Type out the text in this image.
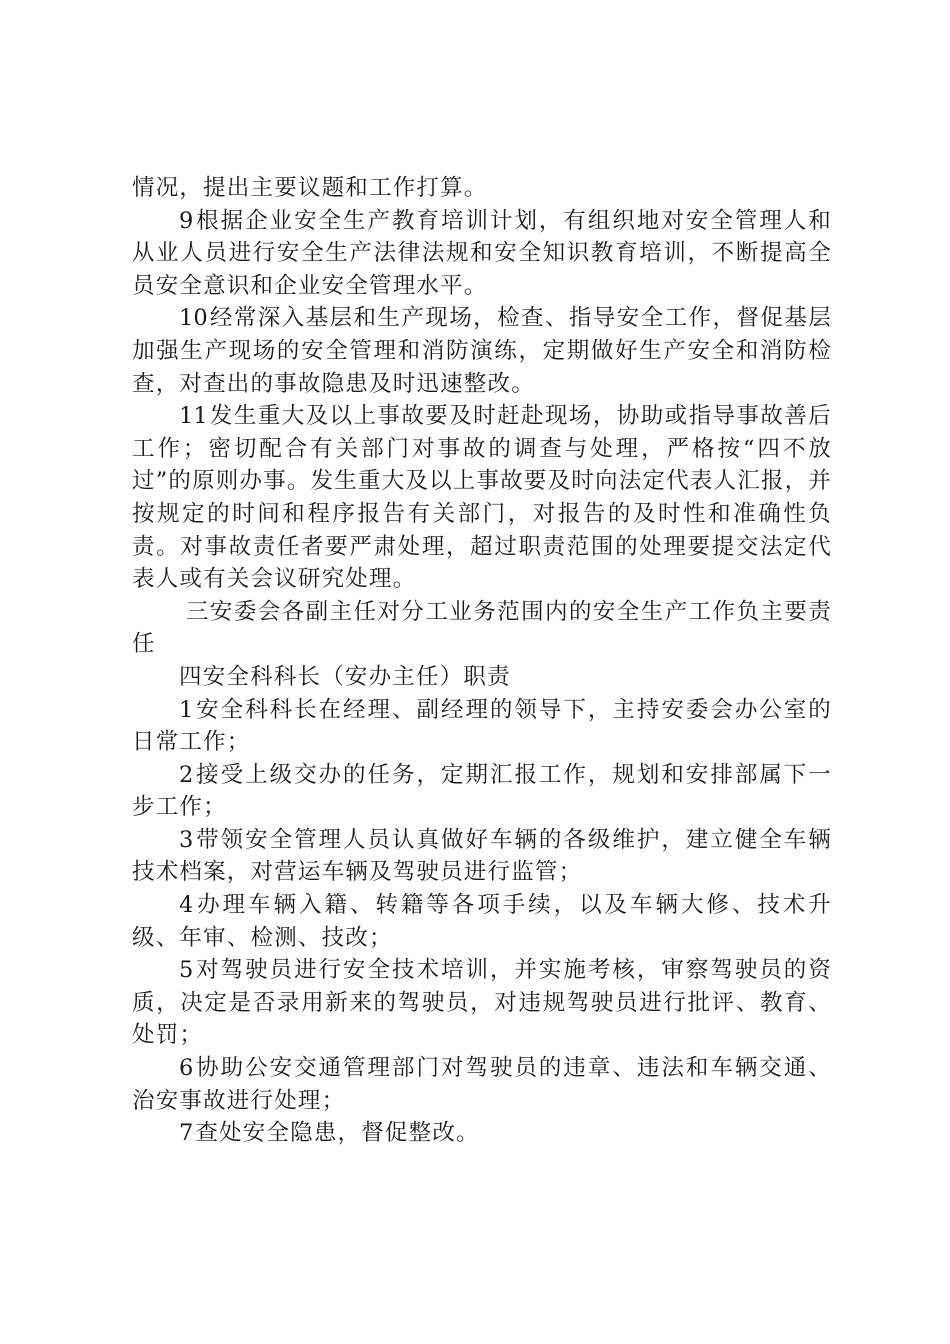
情况，提出主要议题和工作打算。

9根据企业安全生产教育培训计划，有组织地对安全管理人和从业人员进行安全生产法律法规和安全知识教育培训，不断提高全员安全意识和企业安全管理水平。

10经常深入基层和生产现场，检查、指导安全工作，督促基层加强生产现场的安全管理和消防演练，定期做好生产安全和消防检查，对查出的事故隐患及时迅速整改。

11发生重大及以上事故要及时赶赴现场，协助或指导事故善后工作；密切配合有关部门对事故的调查与处理，严格按“四不放过”的原则办事。发生重大及以上事故要及时向法定代表人汇报，并按规定的时间和程序报告有关部门，对报告的及时性和准确性负责。对事故责任者要严肃处理，超过职责范围的处理要提交法定代表人或有关会议研究处理。

三安委会各副主任对分工业务范围内的安全生产工作负主要责任

四安全科科长（安办主任）职责

1安全科科长在经理、副经理的领导下，主持安委会办公室的日常工作；

2接受上级交办的任务，定期汇报工作，规划和安排部属下一步工作；

3带领安全管理人员认真做好车辆的各级维护，建立健全车辆技术档案，对营运车辆及驾驶员进行监管；

4办理车辆入籍、转籍等各项手续，以及车辆大修、技术升级、年审、检测、技改；

5对驾驶员进行安全技术培训，并实施考核，审察驾驶员的资质，决定是否录用新来的驾驶员，对违规驾驶员进行批评、教育、处罚；

6协助公安交通管理部门对驾驶员的违章、违法和车辆交通、治安事故进行处理；

7查处安全隐患，督促整改。
